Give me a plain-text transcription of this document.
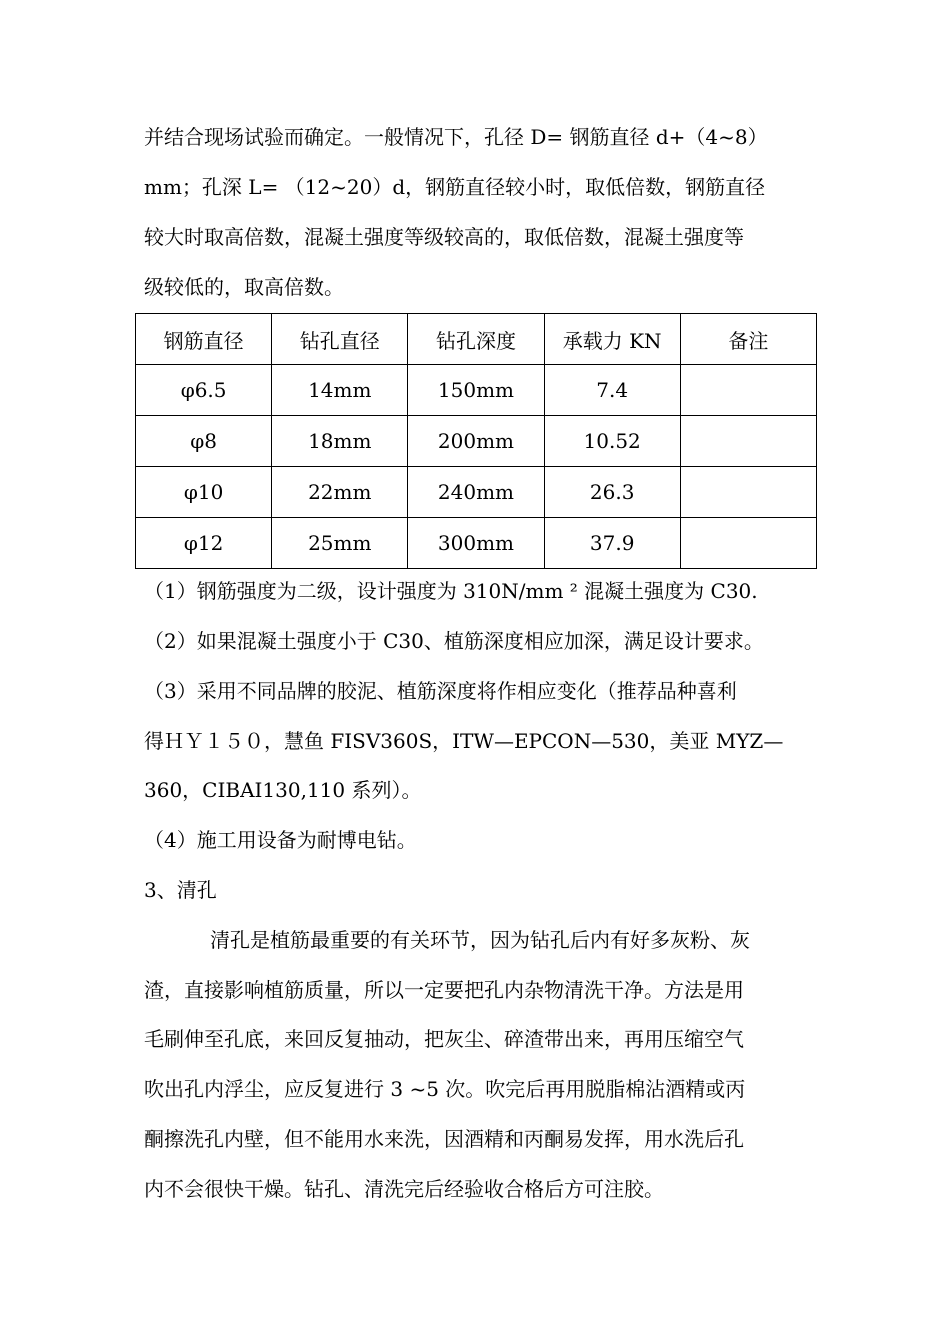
并结合现场试验而确定。一般情况下，孔径 D= 钢筋直径 d+（4~8）
mm；孔深 L= （12~20）d，钢筋直径较小时，取低倍数，钢筋直径
较大时取高倍数，混凝土强度等级较高的，取低倍数，混凝土强度等
级较低的，取高倍数。
钢筋直径	钻孔直径	钻孔深度	承载力 KN	备注
φ6.5	14mm	150mm	7.4	
φ8	18mm	200mm	10.52	
φ10	22mm	240mm	26.3	
φ12	25mm	300mm	37.9	
（1）钢筋强度为二级，设计强度为 310N/mm ² 混凝土强度为 C30.
（2）如果混凝土强度小于 C30、植筋深度相应加深，满足设计要求。
（3）采用不同品牌的胶泥、植筋深度将作相应变化（推荐品种喜利
得ＨＹ１５０，慧鱼 FISV360S，ITW—EPCON—530，美亚 MYZ—
360，CIBAI130,110 系列）。
（4）施工用设备为耐博电钻。
3、清孔
清孔是植筋最重要的有关环节，因为钻孔后内有好多灰粉、灰
渣，直接影响植筋质量，所以一定要把孔内杂物清洗干净。方法是用
毛刷伸至孔底，来回反复抽动，把灰尘、碎渣带出来，再用压缩空气
吹出孔内浮尘，应反复进行 3 ~5 次。吹完后再用脱脂棉沾酒精或丙
酮擦洗孔内壁，但不能用水来洗，因酒精和丙酮易发挥，用水洗后孔
内不会很快干燥。钻孔、清洗完后经验收合格后方可注胶。
